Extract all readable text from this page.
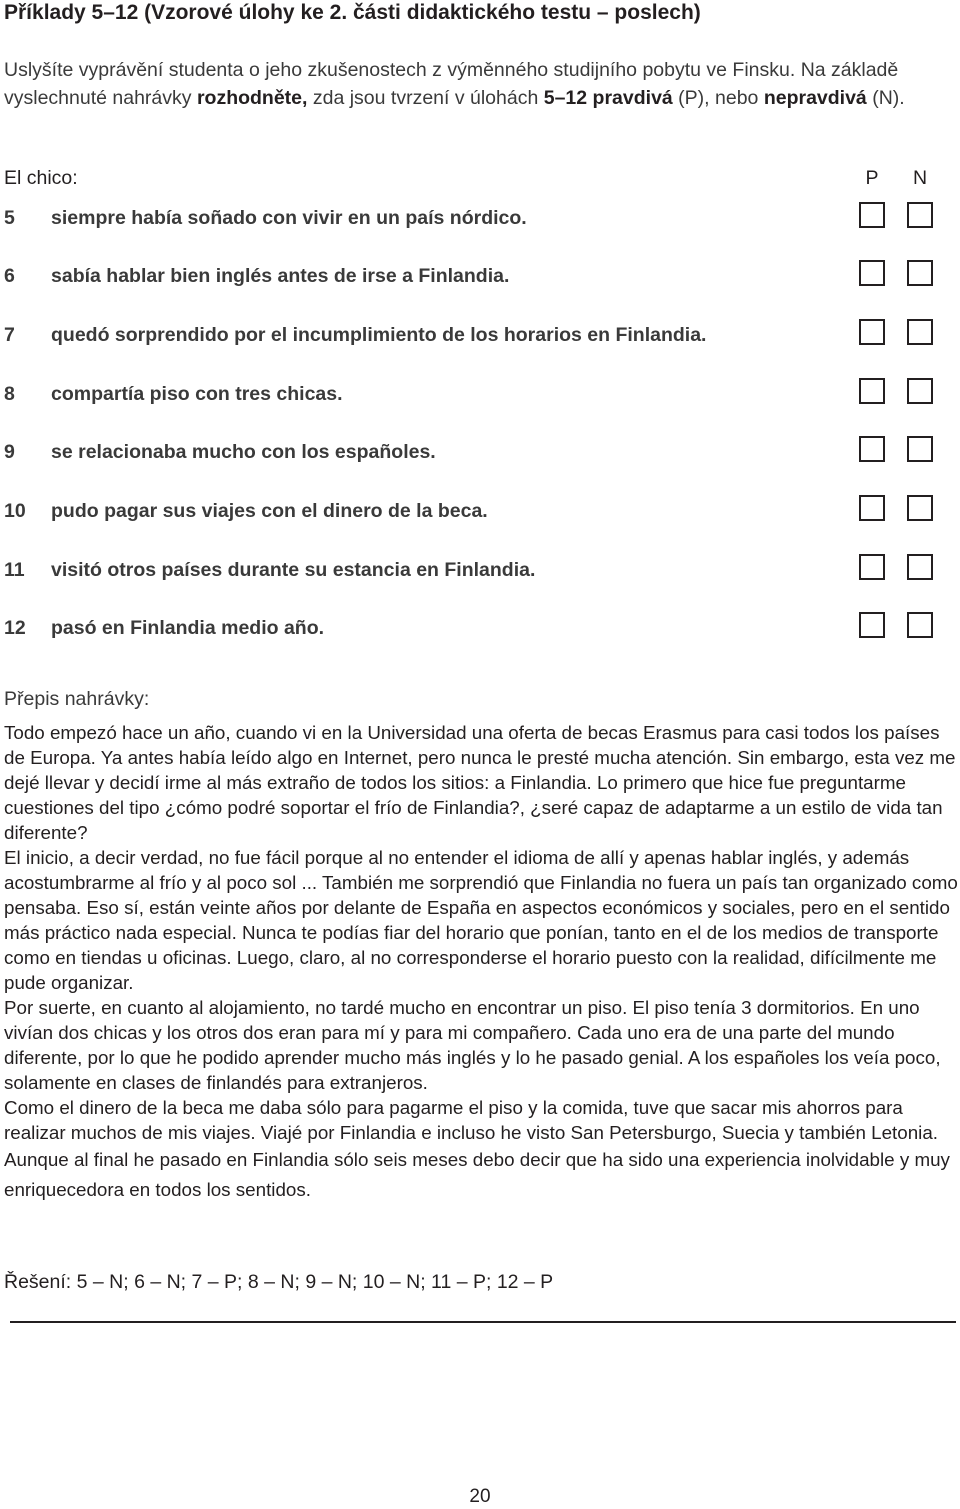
Příklady 5–12 (Vzorové úlohy ke 2. části didaktického testu – poslech)
Uslyšíte vyprávění studenta o jeho zkušenostech z výměnného studijního pobytu ve Finsku. Na základě vyslechnuté nahrávky rozhodněte, zda jsou tvrzení v úlohách 5–12 pravdivá (P), nebo nepravdivá (N).
El chico:	P	N
5 siempre había soñado con vivir en un país nórdico.
6 sabía hablar bien inglés antes de irse a Finlandia.
7 quedó sorprendido por el incumplimiento de los horarios en Finlandia.
8 compartía piso con tres chicas.
9 se relacionaba mucho con los españoles.
10 pudo pagar sus viajes con el dinero de la beca.
11 visitó otros países durante su estancia en Finlandia.
12 pasó en Finlandia medio año.
Přepis nahrávky:

Todo empezó hace un año, cuando vi en la Universidad una oferta de becas Erasmus para casi todos los países de Europa. Ya antes había leído algo en Internet, pero nunca le presté mucha atención. Sin embargo, esta vez me dejé llevar y decidí irme al más extraño de todos los sitios: a Finlandia. Lo primero que hice fue preguntarme cuestiones del tipo ¿cómo podré soportar el frío de Finlandia?, ¿seré capaz de adaptarme a un estilo de vida tan diferente?

El inicio, a decir verdad, no fue fácil porque al no entender el idioma de allí y apenas hablar inglés, y además acostumbrarme al frío y al poco sol ... También me sorprendió que Finlandia no fuera un país tan organizado como pensaba. Eso sí, están veinte años por delante de España en aspectos económicos y sociales, pero en el sentido más práctico nada especial. Nunca te podías fiar del horario que ponían, tanto en el de los medios de transporte como en tiendas u oficinas. Luego, claro, al no corresponderse el horario puesto con la realidad, difícilmente me pude organizar.

Por suerte, en cuanto al alojamiento, no tardé mucho en encontrar un piso. El piso tenía 3 dormitorios. En uno vivían dos chicas y los otros dos eran para mí y para mi compañero. Cada uno era de una parte del mundo diferente, por lo que he podido aprender mucho más inglés y lo he pasado genial. A los españoles los veía poco, solamente en clases de finlandés para extranjeros.

Como el dinero de la beca me daba sólo para pagarme el piso y la comida, tuve que sacar mis ahorros para realizar muchos de mis viajes. Viajé por Finlandia e incluso he visto San Petersburgo, Suecia y también Letonia.

Aunque al final he pasado en Finlandia sólo seis meses debo decir que ha sido una experiencia inolvidable y muy enriquecedora en todos los sentidos.

Řešení: 5 – N; 6 – N; 7 – P; 8 – N; 9 – N; 10 – N; 11 – P; 12 – P
20
